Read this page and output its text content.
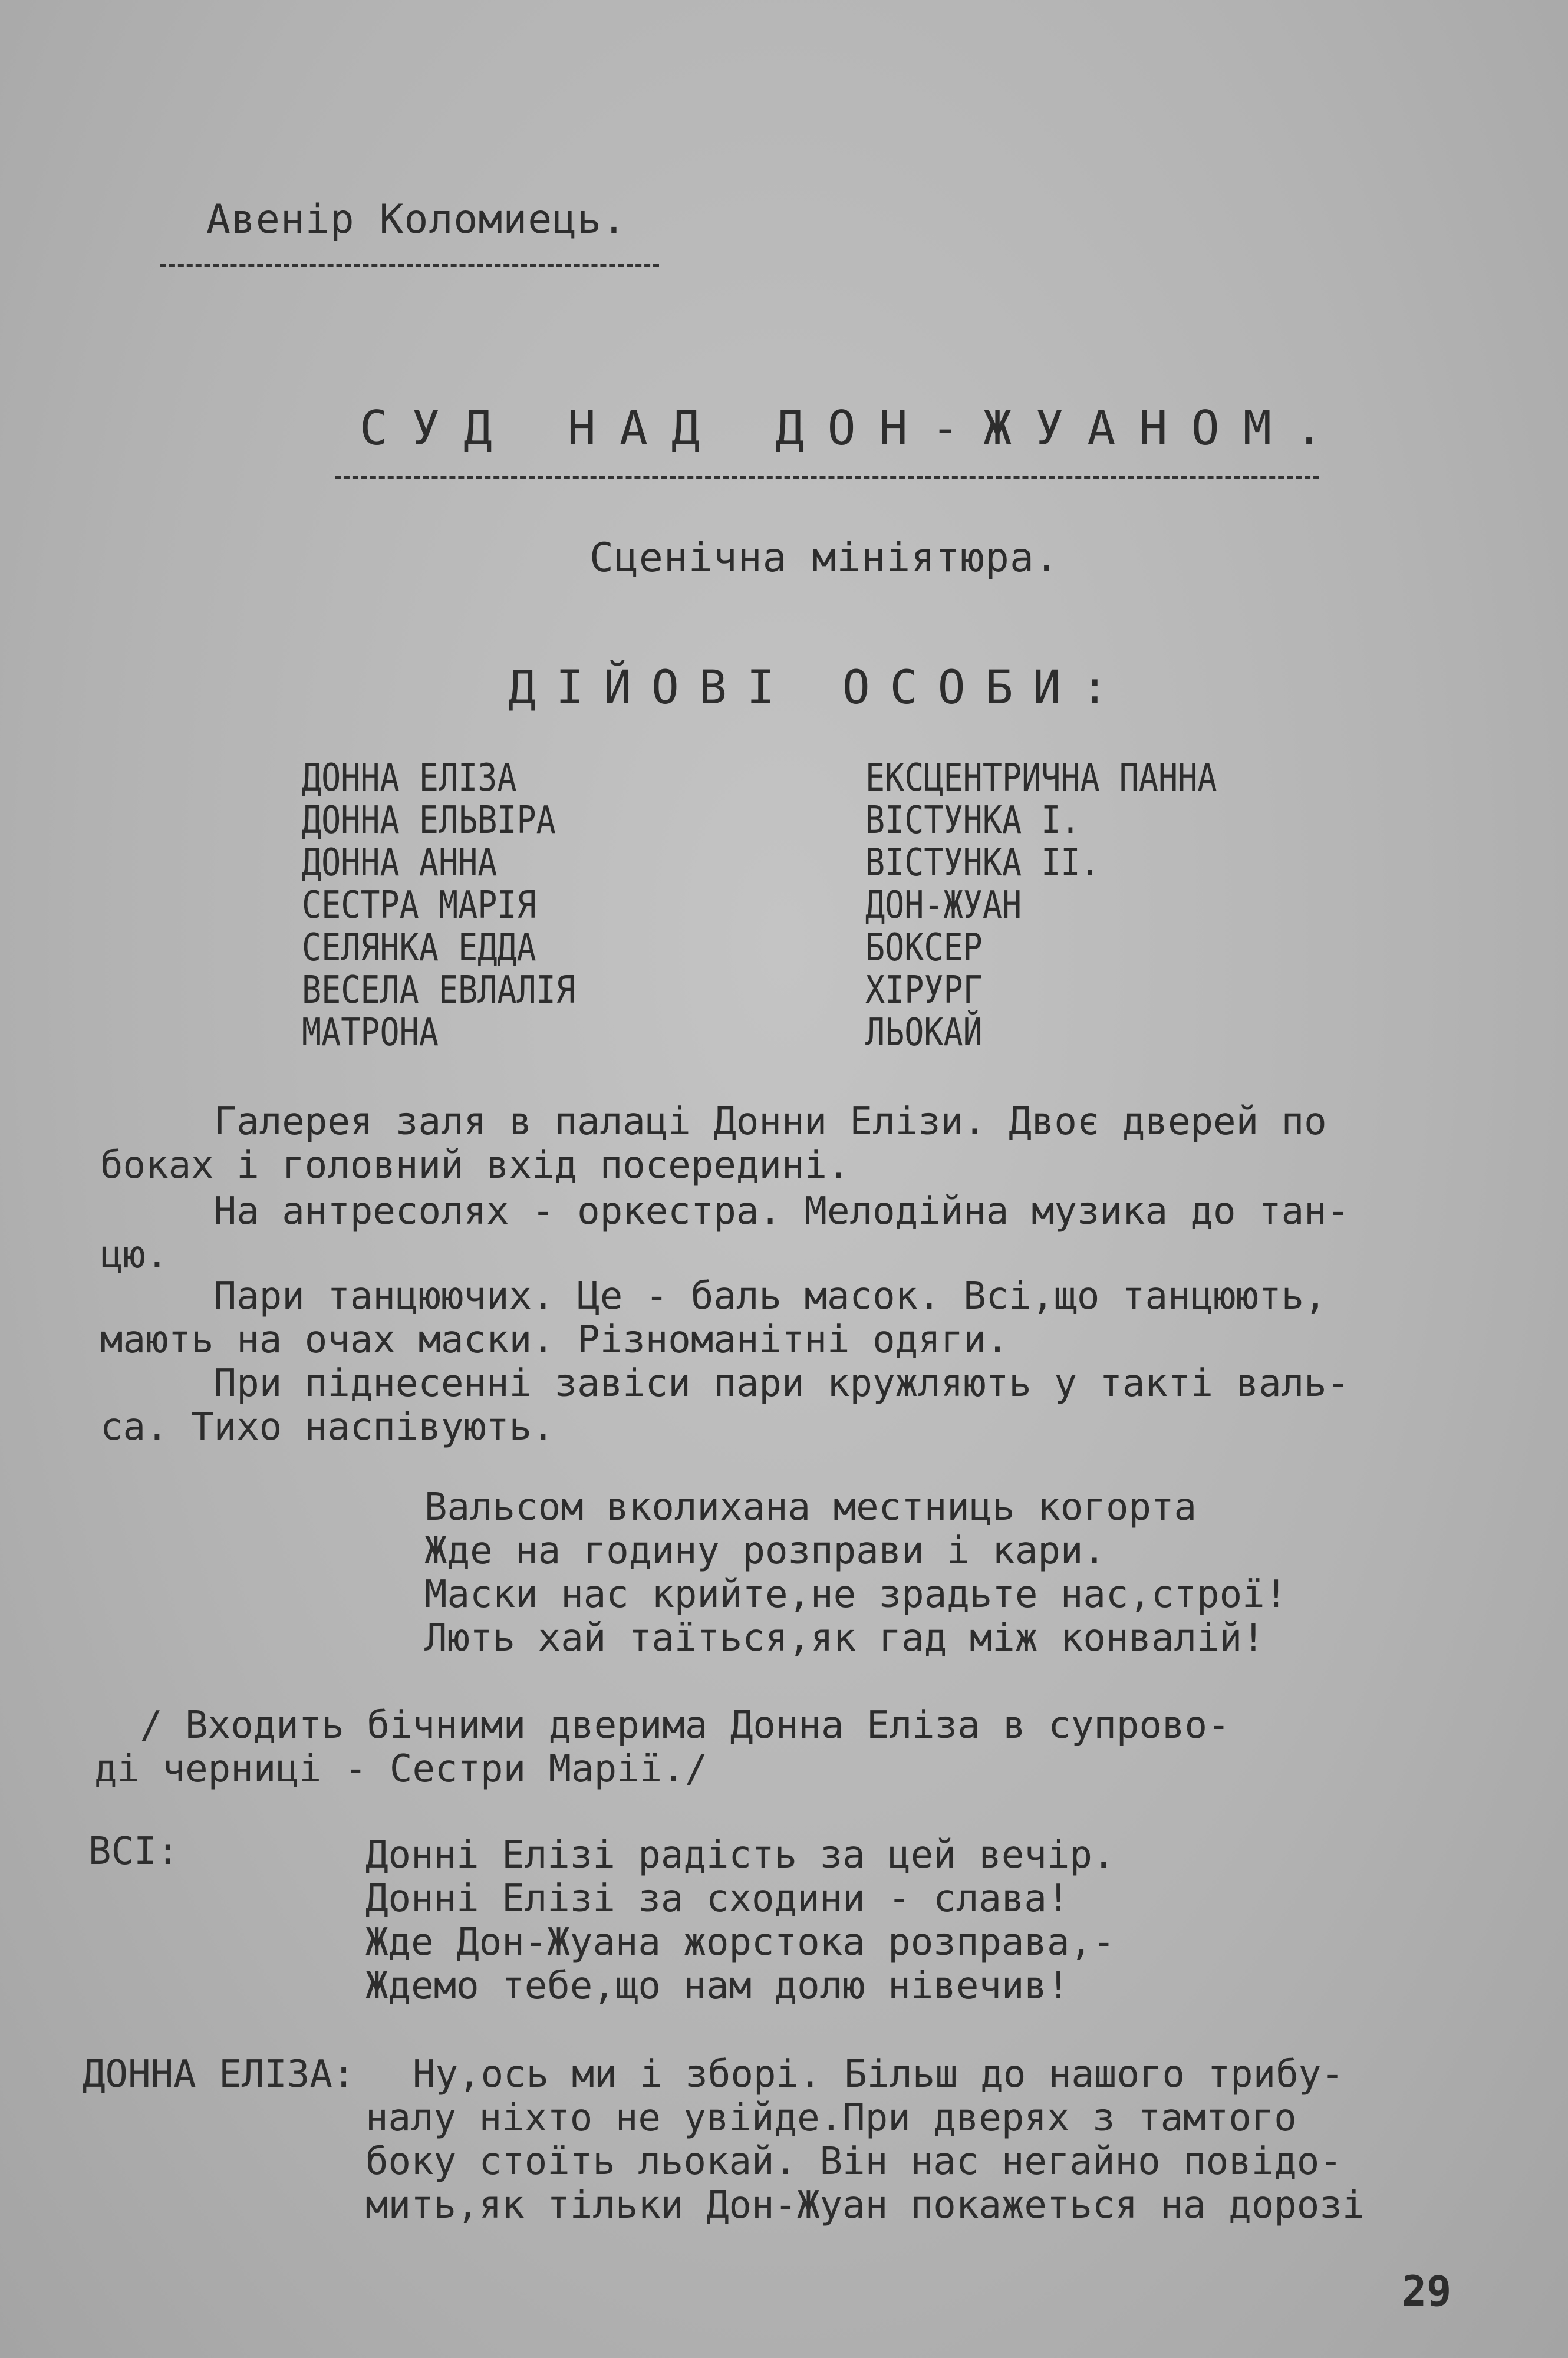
Авенір Коломиець.
СУД НАД ДОН-ЖУАНОМ.
Сценічна мініятюра.
ДІЙОВІ ОСОБИ:
ДОННА ЕЛІЗА
ДОННА ЕЛЬВІРА
ДОННА АННА
СЕСТРА МАРІЯ
СЕЛЯНКА ЕДДА
ВЕСЕЛА ЕВЛАЛІЯ
МАТРОНА
ЕКСЦЕНТРИЧНА ПАННА
ВІСТУНКА І.
ВІСТУНКА ІІ.
ДОН-ЖУАН
БОКСЕР
ХІРУРГ
ЛЬОКАЙ
Галерея заля в палаці Донни Елізи. Двоє дверей по
боках і головний вхід посередині.
На антресолях - оркестра. Мелодійна музика до тан-
цю.
Пари танцюючих. Це - баль масок. Всі,що танцюють,
мають на очах маски. Різноманітні одяги.
При піднесенні завіси пари кружляють у такті валь-
са. Тихо наспівують.
Вальсом вколихана местниць когорта
Жде на годину розправи і кари.
Маски нас крийте,не зрадьте нас,строї!
Лють хай таїться,як гад між конвалій!
/ Входить бічними дверима Донна Еліза в супрово-
ді черниці - Сестри Марії./
ВСІ:	Донні Елізі радість за цей вечір.
Донні Елізі за сходини - слава!
Жде Дон-Жуана жорстока розправа,-
Ждемо тебе,що нам долю нівечив!
ДОННА ЕЛІЗА: Ну,ось ми і зборі. Більш до нашого трибу-
налу ніхто не увійде.При дверях з тамтого
боку стоїть льокай. Він нас негайно повідо-
мить,як тільки Дон-Жуан покажеться на дорозі
29
